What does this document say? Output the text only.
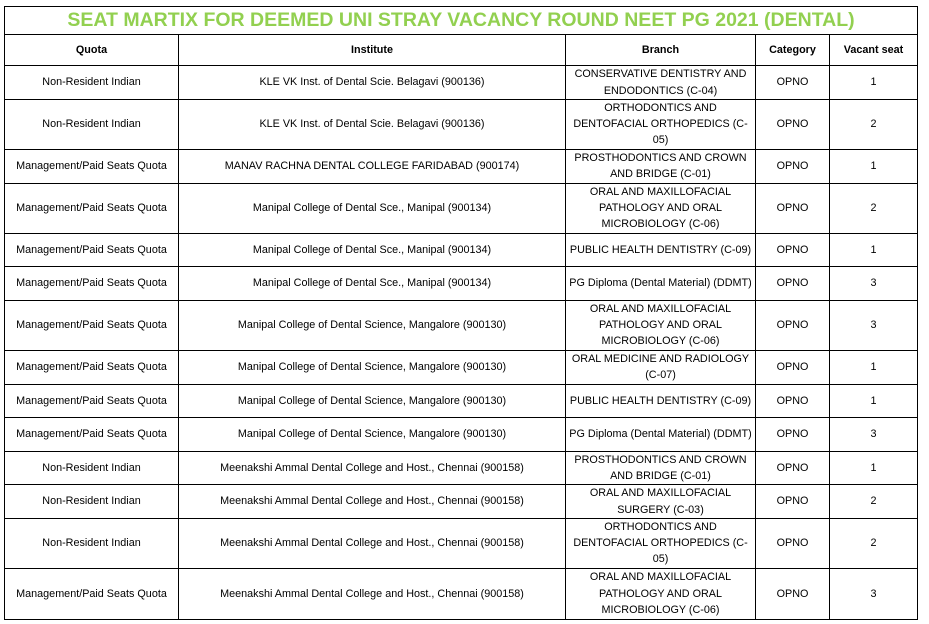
SEAT MARTIX FOR DEEMED UNI STRAY VACANCY ROUND NEET PG 2021 (DENTAL)				
Quota	Institute	Branch	Category	Vacant seat
Non-Resident Indian	KLE VK Inst. of Dental Scie. Belagavi (900136)	CONSERVATIVE DENTISTRY AND ENDODONTICS (C-04)	OPNO	1
Non-Resident Indian	KLE VK Inst. of Dental Scie. Belagavi (900136)	ORTHODONTICS AND DENTOFACIAL ORTHOPEDICS (C-05)	OPNO	2
Management/Paid Seats Quota	MANAV RACHNA DENTAL COLLEGE FARIDABAD (900174)	PROSTHODONTICS AND CROWN AND BRIDGE (C-01)	OPNO	1
Management/Paid Seats Quota	Manipal College of Dental Sce., Manipal (900134)	ORAL AND MAXILLOFACIAL PATHOLOGY AND ORAL MICROBIOLOGY (C-06)	OPNO	2
Management/Paid Seats Quota	Manipal College of Dental Sce., Manipal (900134)	PUBLIC HEALTH DENTISTRY (C-09)	OPNO	1
Management/Paid Seats Quota	Manipal College of Dental Sce., Manipal (900134)	PG Diploma (Dental Material) (DDMT)	OPNO	3
Management/Paid Seats Quota	Manipal College of Dental Science, Mangalore (900130)	ORAL AND MAXILLOFACIAL PATHOLOGY AND ORAL MICROBIOLOGY (C-06)	OPNO	3
Management/Paid Seats Quota	Manipal College of Dental Science, Mangalore (900130)	ORAL MEDICINE AND RADIOLOGY (C-07)	OPNO	1
Management/Paid Seats Quota	Manipal College of Dental Science, Mangalore (900130)	PUBLIC HEALTH DENTISTRY (C-09)	OPNO	1
Management/Paid Seats Quota	Manipal College of Dental Science, Mangalore (900130)	PG Diploma (Dental Material) (DDMT)	OPNO	3
Non-Resident Indian	Meenakshi Ammal Dental College and Host., Chennai (900158)	PROSTHODONTICS AND CROWN AND BRIDGE (C-01)	OPNO	1
Non-Resident Indian	Meenakshi Ammal Dental College and Host., Chennai (900158)	ORAL AND MAXILLOFACIAL SURGERY (C-03)	OPNO	2
Non-Resident Indian	Meenakshi Ammal Dental College and Host., Chennai (900158)	ORTHODONTICS AND DENTOFACIAL ORTHOPEDICS (C-05)	OPNO	2
Management/Paid Seats Quota	Meenakshi Ammal Dental College and Host., Chennai (900158)	ORAL AND MAXILLOFACIAL PATHOLOGY AND ORAL MICROBIOLOGY (C-06)	OPNO	3
